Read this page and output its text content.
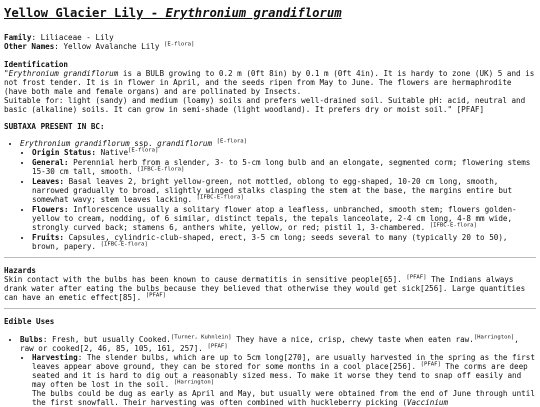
Yellow Glacier Lily - Erythronium grandiflorum

Family: Liliaceae - Lily

Other Names: Yellow Avalanche Lily [E-flora]

Identification

"Erythronium grandiflorum is a BULB growing to 0.2 m (0ft 8in) by 0.1 m (0ft 4in). It is hardy to zone (UK) 5 and is not frost tender. It is in flower in April, and the seeds ripen from May to June. The flowers are hermaphrodite (have both male and female organs) and are pollinated by Insects.
Suitable for: light (sandy) and medium (loamy) soils and prefers well-drained soil. Suitable pH: acid, neutral and basic (alkaline) soils. It can grow in semi-shade (light woodland). It prefers dry or moist soil." [PFAF]

SUBTAXA PRESENT IN BC:
• Erythronium grandiflorum ssp. grandiflorum [E-flora]
• Origin Status: Native[E-flora]
• General: Perennial herb from a slender, 3- to 5-cm long bulb and an elongate, segmented corm; flowering stems 15-30 cm tall, smooth. [IFBC-E-flora]
• Leaves: Basal leaves 2, bright yellow-green, not mottled, oblong to egg-shaped, 10-20 cm long, smooth, narrowed gradually to broad, slightly winged stalks clasping the stem at the base, the margins entire but somewhat wavy; stem leaves lacking. [IFBC-E-flora]
• Flowers: Inflorescence usually a solitary flower atop a leafless, unbranched, smooth stem; flowers golden-yellow to cream, nodding, of 6 similar, distinct tepals, the tepals lanceolate, 2-4 cm long, 4-8 mm wide, strongly curved back; stamens 6, anthers white, yellow, or red; pistil 1, 3-chambered. [IFBC-E-flora]
• Fruits: Capsules, cylindric-club-shaped, erect, 3-5 cm long; seeds several to many (typically 20 to 50), brown, papery. [IFBC-E-flora]
Hazards

Skin contact with the bulbs has been known to cause dermatitis in sensitive people[65]. [PFAF] The Indians always drank water after eating the bulbs because they believed that otherwise they would get sick[256]. Large quantities can have an emetic effect[85]. [PFAF]

Edible Uses
• Bulbs: Fresh, but usually Cooked.[Turner, Kuhnlein] They have a nice, crisp, chewy taste when eaten raw.[Harrington], raw or cooked[2, 46, 85, 105, 161, 257]. [PFAF]
• Harvesting: The slender bulbs, which are up to 5cm long[270], are usually harvested in the spring as the first leaves appear above ground, they can be stored for some months in a cool place[256]. [PFAF] The corms are deep seated and it is hard to dig out a reasonably sized mess. To make it worse they tend to snap off easily and may often be lost in the soil. [Harrington]
The bulbs could be dug as early as April and May, but usually were obtained from the end of June through until the first snowfall. Their harvesting was often combined with huckleberry picking (Vaccinium
